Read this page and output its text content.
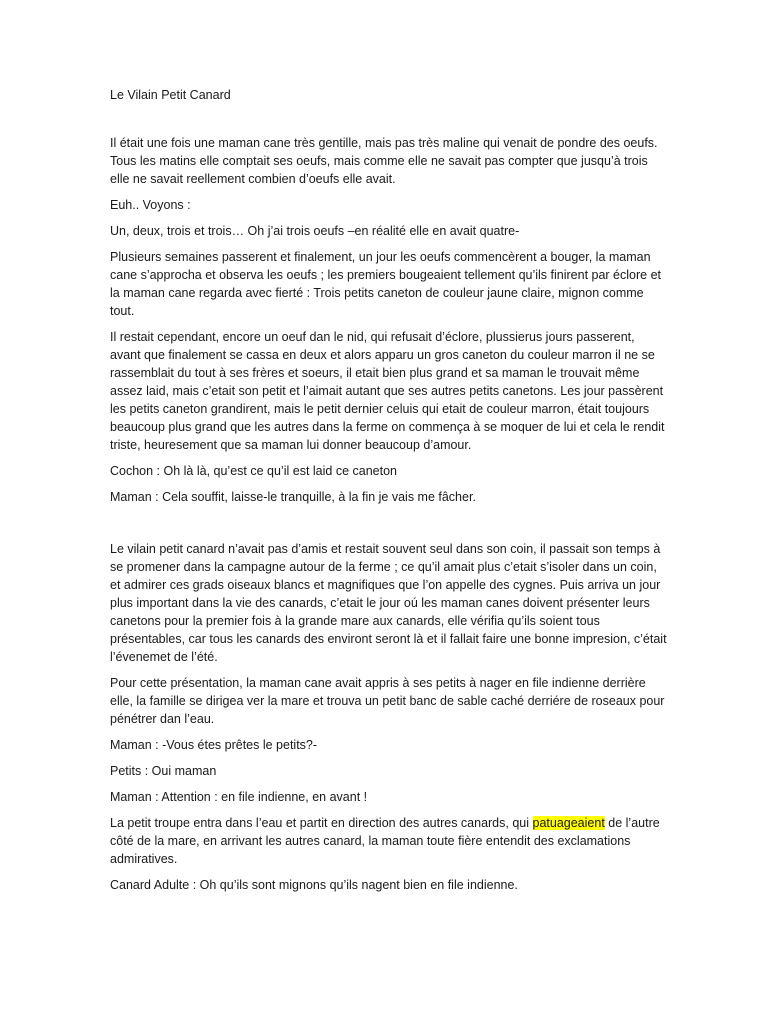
Le Vilain Petit Canard

Il était une fois une maman cane très gentille, mais pas très maline qui venait de pondre des oeufs. Tous les matins elle comptait ses oeufs, mais comme elle ne savait pas compter que jusqu’à trois elle ne savait reellement combien d’oeufs elle avait.

Euh.. Voyons :

Un, deux, trois et trois… Oh j’ai trois oeufs –en réalité elle en avait quatre-

Plusieurs semaines passerent et finalement, un jour les oeufs commencèrent a bouger, la maman cane s’approcha et observa les oeufs ; les premiers bougeaient tellement qu’ils finirent par éclore et la maman cane regarda avec fierté : Trois petits caneton de couleur jaune claire, mignon comme tout.

Il restait cependant, encore un oeuf dan le nid, qui refusait d’éclore, plussierus jours passerent, avant que finalement se cassa en deux et alors apparu un gros caneton du couleur marron il ne se rassemblait du tout à ses frères et soeurs, il etait bien plus grand et sa maman le trouvait même assez laid, mais c’etait son petit et l’aimait autant que ses autres petits canetons. Les jour passèrent les petits caneton grandirent, mais le petit dernier celuis qui etait de couleur marron, était toujours beaucoup plus grand que les autres dans la ferme on commença à se moquer de lui et cela le rendit triste, heuresement que sa maman lui donner beaucoup d’amour.

Cochon : Oh là là, qu’est ce qu’il est laid ce caneton

Maman : Cela souffit, laisse-le tranquille, à la fin je vais me fâcher.

Le vilain petit canard n’avait pas d’amis et restait souvent seul dans son coin, il passait son temps à se promener dans la campagne autour de la ferme ; ce qu’il amait plus c’etait s’isoler dans un coin, et admirer ces grads oiseaux blancs et magnifiques que l’on appelle des cygnes. Puis arriva un jour plus important dans la vie des canards, c’etait le jour oú les maman canes doivent présenter leurs canetons pour la premier fois à la grande mare aux canards, elle vérifia qu’ils soient tous présentables, car tous les canards des environt seront là et il fallait faire une bonne impresion, c’était l’évenemet de l’été.

Pour cette présentation, la maman cane avait appris à ses petits à nager en file indienne derrière elle, la famille se dirigea ver la mare et trouva un petit banc de sable caché derriére de roseaux pour pénétrer dan l’eau.

Maman : -Vous étes prêtes le petits?-

Petits : Oui maman

Maman : Attention : en file indienne, en avant !

La petit troupe entra dans l’eau et partit en direction des autres canards, qui patuageaient de l’autre côté de la mare, en arrivant les autres canard, la maman toute fière entendit des exclamations admiratives.

Canard Adulte : Oh qu’ils sont mignons qu’ils nagent bien en file indienne.
